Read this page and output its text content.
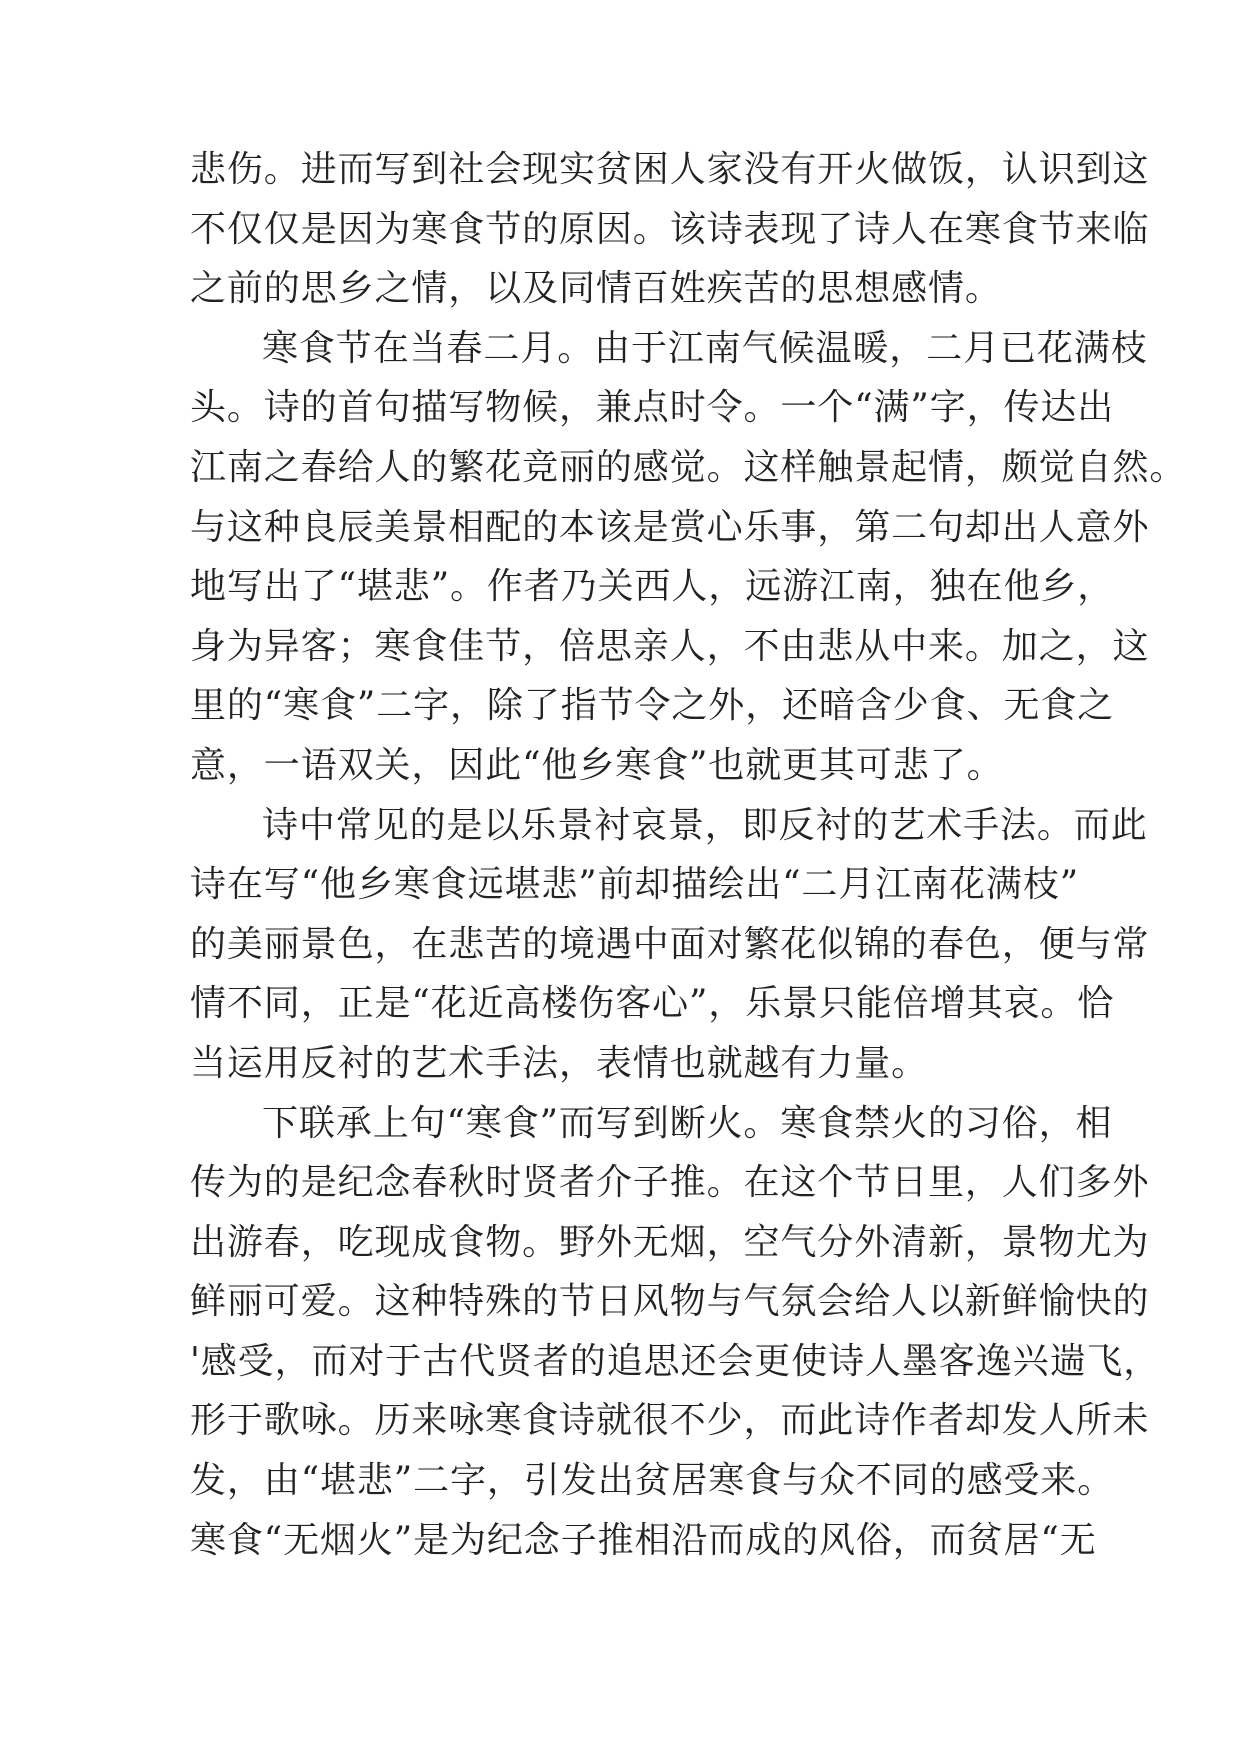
悲伤。进而写到社会现实贫困人家没有开火做饭，认识到这
不仅仅是因为寒食节的原因。该诗表现了诗人在寒食节来临
之前的思乡之情，以及同情百姓疾苦的思想感情。
寒食节在当春二月。由于江南气候温暖，二月已花满枝
头。诗的首句描写物候，兼点时令。一个“满”字，传达出
江南之春给人的繁花竞丽的感觉。这样触景起情，颇觉自然。
与这种良辰美景相配的本该是赏心乐事，第二句却出人意外
地写出了“堪悲”。作者乃关西人，远游江南，独在他乡，
身为异客；寒食佳节，倍思亲人，不由悲从中来。加之，这
里的“寒食”二字，除了指节令之外，还暗含少食、无食之
意，一语双关，因此“他乡寒食”也就更其可悲了。
诗中常见的是以乐景衬哀景，即反衬的艺术手法。而此
诗在写“他乡寒食远堪悲”前却描绘出“二月江南花满枝”
的美丽景色，在悲苦的境遇中面对繁花似锦的春色，便与常
情不同，正是“花近高楼伤客心”，乐景只能倍增其哀。恰
当运用反衬的艺术手法，表情也就越有力量。
下联承上句“寒食”而写到断火。寒食禁火的习俗，相
传为的是纪念春秋时贤者介子推。在这个节日里，人们多外
出游春，吃现成食物。野外无烟，空气分外清新，景物尤为
鲜丽可爱。这种特殊的节日风物与气氛会给人以新鲜愉快的
'感受，而对于古代贤者的追思还会更使诗人墨客逸兴遄飞，
形于歌咏。历来咏寒食诗就很不少，而此诗作者却发人所未
发，由“堪悲”二字，引发出贫居寒食与众不同的感受来。
寒食“无烟火”是为纪念子推相沿而成的风俗，而贫居“无
